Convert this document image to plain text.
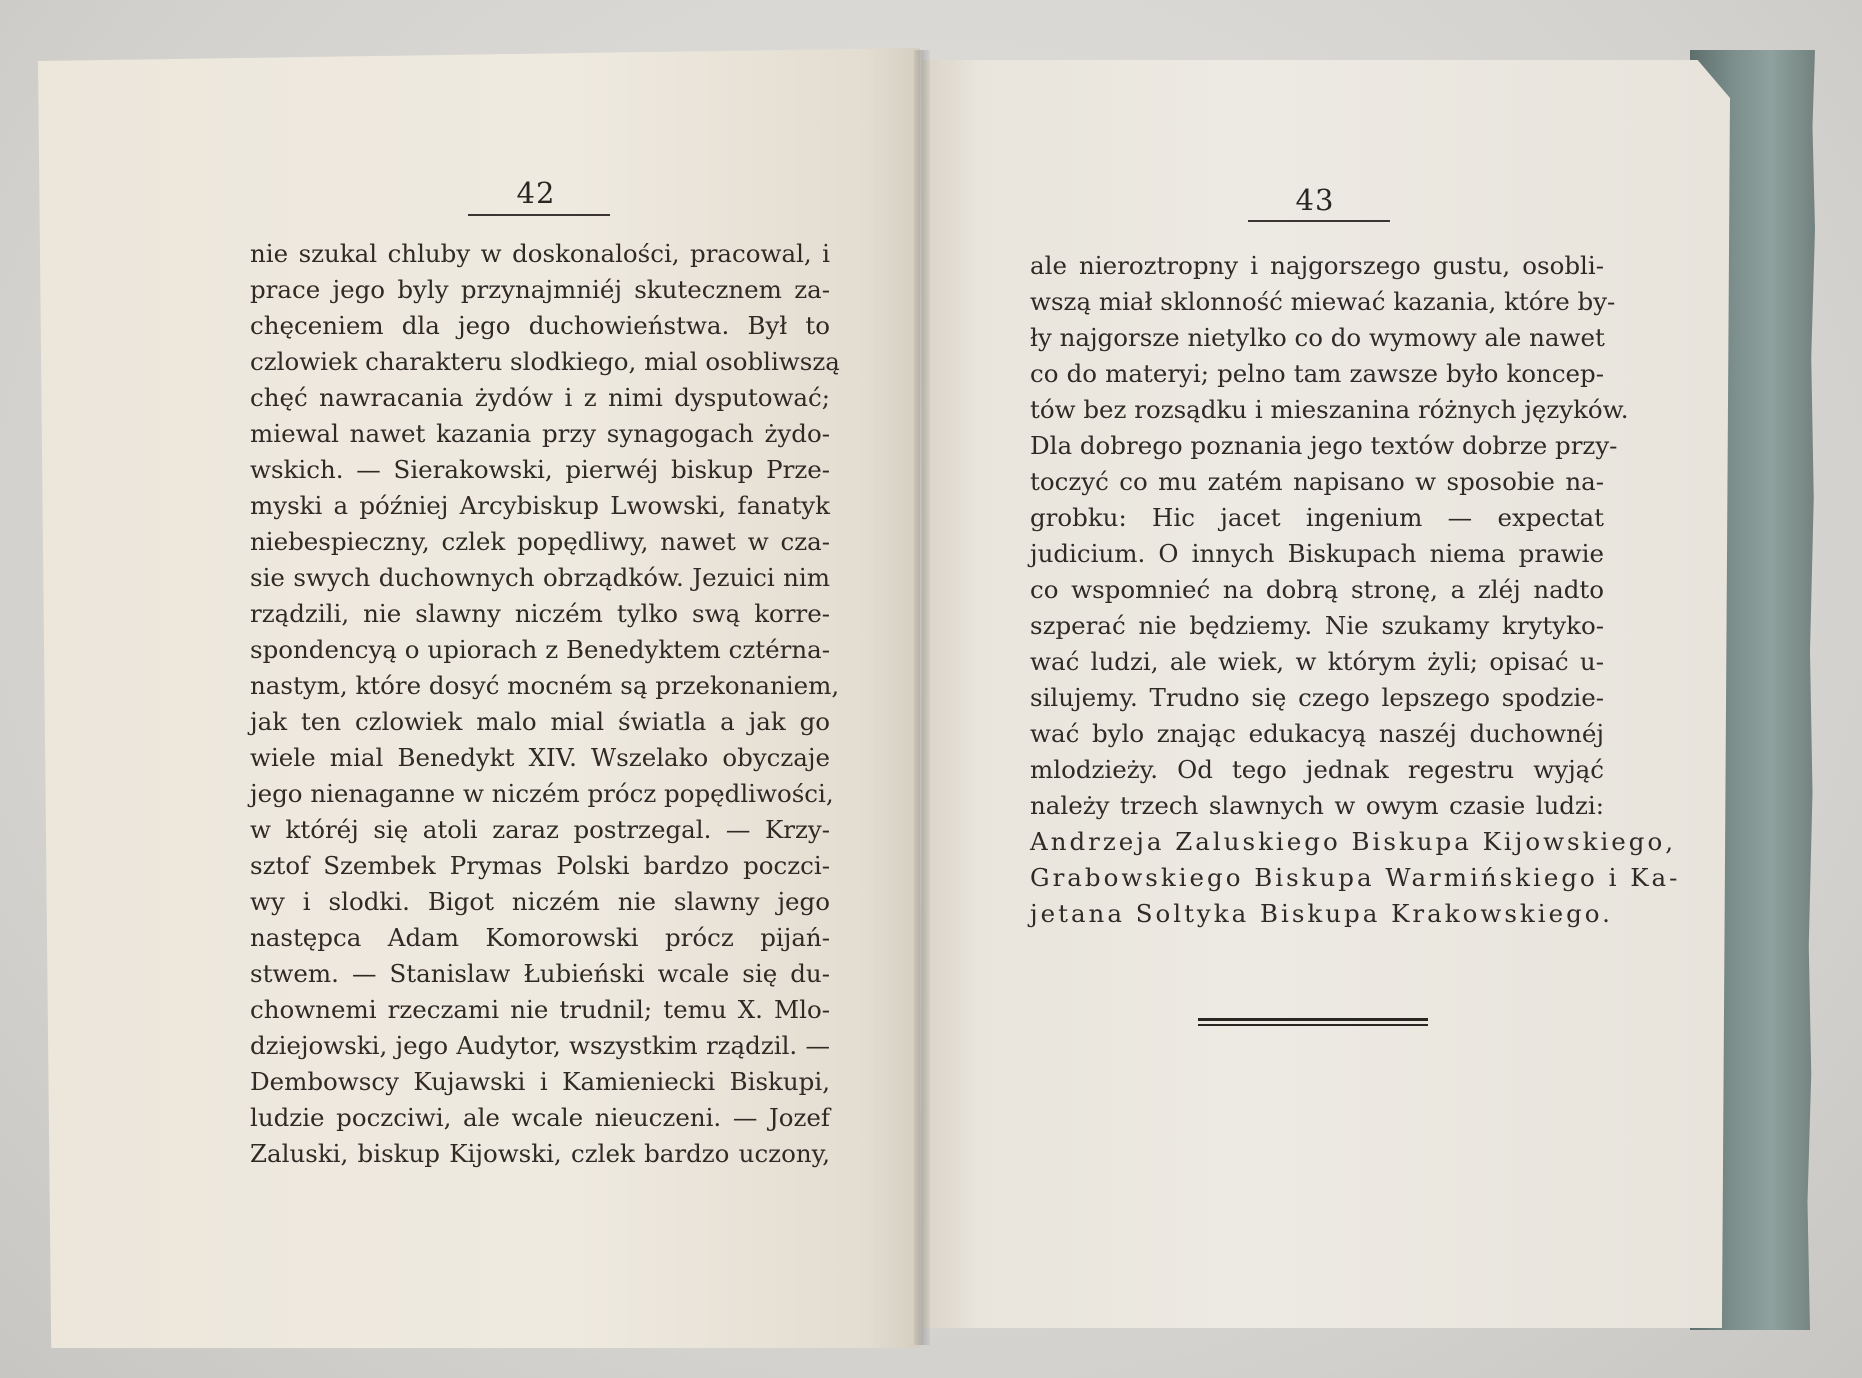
42
nie szukal chluby w doskonalości, pracowal, i
prace jego byly przynajmniéj skutecznem za-
chęceniem dla jego duchowieństwa. Był to
czlowiek charakteru slodkiego, mial osobliwszą
chęć nawracania żydów i z nimi dysputować;
miewal nawet kazania przy synagogach żydo-
wskich. — Sierakowski, pierwéj biskup Prze-
myski a później Arcybiskup Lwowski, fanatyk
niebespieczny, czlek popędliwy, nawet w cza-
sie swych duchownych obrządków. Jezuici nim
rządzili, nie slawny niczém tylko swą korre-
spondencyą o upiorach z Benedyktem cztérna-
nastym, które dosyć mocném są przekonaniem,
jak ten czlowiek malo mial światla a jak go
wiele mial Benedykt XIV. Wszelako obyczaje
jego nienaganne w niczém prócz popędliwości,
w któréj się atoli zaraz postrzegal. — Krzy-
sztof Szembek Prymas Polski bardzo poczci-
wy i slodki. Bigot niczém nie slawny jego
następca Adam Komorowski prócz pijań-
stwem. — Stanislaw Łubieński wcale się du-
chownemi rzeczami nie trudnil; temu X. Mlo-
dziejowski, jego Audytor, wszystkim rządzil. —
Dembowscy Kujawski i Kamieniecki Biskupi,
ludzie poczciwi, ale wcale nieuczeni. — Jozef
Zaluski, biskup Kijowski, czlek bardzo uczony,
43
ale nieroztropny i najgorszego gustu, osobli-
wszą miał sklonność miewać kazania, które by-
ły najgorsze nietylko co do wymowy ale nawet
co do materyi; pelno tam zawsze było koncep-
tów bez rozsądku i mieszanina różnych języków.
Dla dobrego poznania jego textów dobrze przy-
toczyć co mu zatém napisano w sposobie na-
grobku: Hic jacet ingenium — expectat
judicium. O innych Biskupach niema prawie
co wspomnieć na dobrą stronę, a zléj nadto
szperać nie będziemy. Nie szukamy krytyko-
wać ludzi, ale wiek, w którym żyli; opisać u-
silujemy. Trudno się czego lepszego spodzie-
wać bylo znając edukacyą naszéj duchownéj
mlodzieży. Od tego jednak regestru wyjąć
należy trzech slawnych w owym czasie ludzi:
Andrzeja Zaluskiego Biskupa Kijowskiego,
Grabowskiego Biskupa Warmińskiego i Ka-
jetana Soltyka Biskupa Krakowskiego.
